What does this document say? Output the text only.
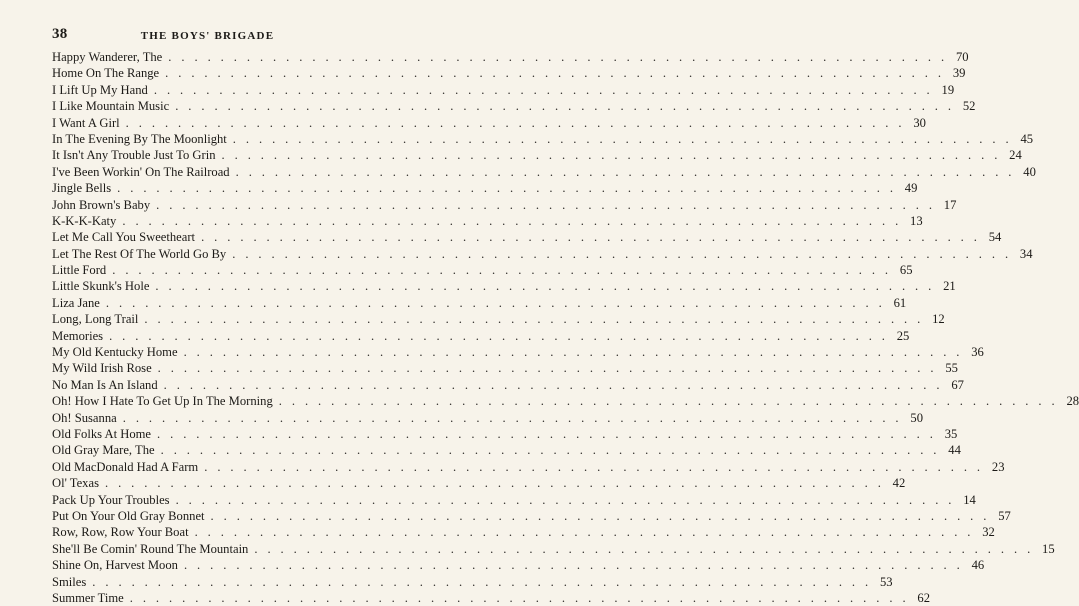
38	THE BOYS' BRIGADE
Happy Wanderer, The . . . . . . . . . . . . . . . . . . . . . . . . . . . . . . . . . . . . . . . . . . . . . . . . . . . . . . . . . . . . 70
Home On The Range . . . . . . . . . . . . . . . . . . . . . . . . . . . . . . . . . . . . . . . . . . . . . . . . . . . . . . . . . . . . 39
I Lift Up My Hand . . . . . . . . . . . . . . . . . . . . . . . . . . . . . . . . . . . . . . . . . . . . . . . . . . . . . . . . . . . . 19
I Like Mountain Music . . . . . . . . . . . . . . . . . . . . . . . . . . . . . . . . . . . . . . . . . . . . . . . . . . . . . . . . . . . . 52
I Want A Girl . . . . . . . . . . . . . . . . . . . . . . . . . . . . . . . . . . . . . . . . . . . . . . . . . . . . . . . . . . . . 30
In The Evening By The Moonlight . . . . . . . . . . . . . . . . . . . . . . . . . . . . . . . . . . . . . . . . . . . . . . . . . . . . . . . . . . . . 45
It Isn't Any Trouble Just To Grin . . . . . . . . . . . . . . . . . . . . . . . . . . . . . . . . . . . . . . . . . . . . . . . . . . . . . . . . . . . . 24
I've Been Workin' On The Railroad . . . . . . . . . . . . . . . . . . . . . . . . . . . . . . . . . . . . . . . . . . . . . . . . . . . . . . . . . . . . 40
Jingle Bells . . . . . . . . . . . . . . . . . . . . . . . . . . . . . . . . . . . . . . . . . . . . . . . . . . . . . . . . . . . . 49
John Brown's Baby . . . . . . . . . . . . . . . . . . . . . . . . . . . . . . . . . . . . . . . . . . . . . . . . . . . . . . . . . . . . 17
K-K-K-Katy . . . . . . . . . . . . . . . . . . . . . . . . . . . . . . . . . . . . . . . . . . . . . . . . . . . . . . . . . . . . 13
Let Me Call You Sweetheart . . . . . . . . . . . . . . . . . . . . . . . . . . . . . . . . . . . . . . . . . . . . . . . . . . . . . . . . . . . . 54
Let The Rest Of The World Go By . . . . . . . . . . . . . . . . . . . . . . . . . . . . . . . . . . . . . . . . . . . . . . . . . . . . . . . . . . . . 34
Little Ford . . . . . . . . . . . . . . . . . . . . . . . . . . . . . . . . . . . . . . . . . . . . . . . . . . . . . . . . . . . . 65
Little Skunk's Hole . . . . . . . . . . . . . . . . . . . . . . . . . . . . . . . . . . . . . . . . . . . . . . . . . . . . . . . . . . . . 21
Liza Jane . . . . . . . . . . . . . . . . . . . . . . . . . . . . . . . . . . . . . . . . . . . . . . . . . . . . . . . . . . . . 61
Long, Long Trail . . . . . . . . . . . . . . . . . . . . . . . . . . . . . . . . . . . . . . . . . . . . . . . . . . . . . . . . . . . . 12
Memories . . . . . . . . . . . . . . . . . . . . . . . . . . . . . . . . . . . . . . . . . . . . . . . . . . . . . . . . . . . . 25
My Old Kentucky Home . . . . . . . . . . . . . . . . . . . . . . . . . . . . . . . . . . . . . . . . . . . . . . . . . . . . . . . . . . . . 36
My Wild Irish Rose . . . . . . . . . . . . . . . . . . . . . . . . . . . . . . . . . . . . . . . . . . . . . . . . . . . . . . . . . . . . 55
No Man Is An Island . . . . . . . . . . . . . . . . . . . . . . . . . . . . . . . . . . . . . . . . . . . . . . . . . . . . . . . . . . . . 67
Oh! How I Hate To Get Up In The Morning . . . . . . . . . . . . . . . . . . . . . . . . . . . . . . . . . . . . . . . . . . . . . . . . . . . . . . . . . . . . 28
Oh! Susanna . . . . . . . . . . . . . . . . . . . . . . . . . . . . . . . . . . . . . . . . . . . . . . . . . . . . . . . . . . . . 50
Old Folks At Home . . . . . . . . . . . . . . . . . . . . . . . . . . . . . . . . . . . . . . . . . . . . . . . . . . . . . . . . . . . . 35
Old Gray Mare, The . . . . . . . . . . . . . . . . . . . . . . . . . . . . . . . . . . . . . . . . . . . . . . . . . . . . . . . . . . . . 44
Old MacDonald Had A Farm . . . . . . . . . . . . . . . . . . . . . . . . . . . . . . . . . . . . . . . . . . . . . . . . . . . . . . . . . . . . 23
Ol' Texas . . . . . . . . . . . . . . . . . . . . . . . . . . . . . . . . . . . . . . . . . . . . . . . . . . . . . . . . . . . . 42
Pack Up Your Troubles . . . . . . . . . . . . . . . . . . . . . . . . . . . . . . . . . . . . . . . . . . . . . . . . . . . . . . . . . . . . 14
Put On Your Old Gray Bonnet . . . . . . . . . . . . . . . . . . . . . . . . . . . . . . . . . . . . . . . . . . . . . . . . . . . . . . . . . . . . 57
Row, Row, Row Your Boat . . . . . . . . . . . . . . . . . . . . . . . . . . . . . . . . . . . . . . . . . . . . . . . . . . . . . . . . . . . . 32
She'll Be Comin' Round The Mountain . . . . . . . . . . . . . . . . . . . . . . . . . . . . . . . . . . . . . . . . . . . . . . . . . . . . . . . . . . . . 15
Shine On, Harvest Moon . . . . . . . . . . . . . . . . . . . . . . . . . . . . . . . . . . . . . . . . . . . . . . . . . . . . . . . . . . . . 46
Smiles . . . . . . . . . . . . . . . . . . . . . . . . . . . . . . . . . . . . . . . . . . . . . . . . . . . . . . . . . . . . 53
Summer Time . . . . . . . . . . . . . . . . . . . . . . . . . . . . . . . . . . . . . . . . . . . . . . . . . . . . . . . . . . . . 62
